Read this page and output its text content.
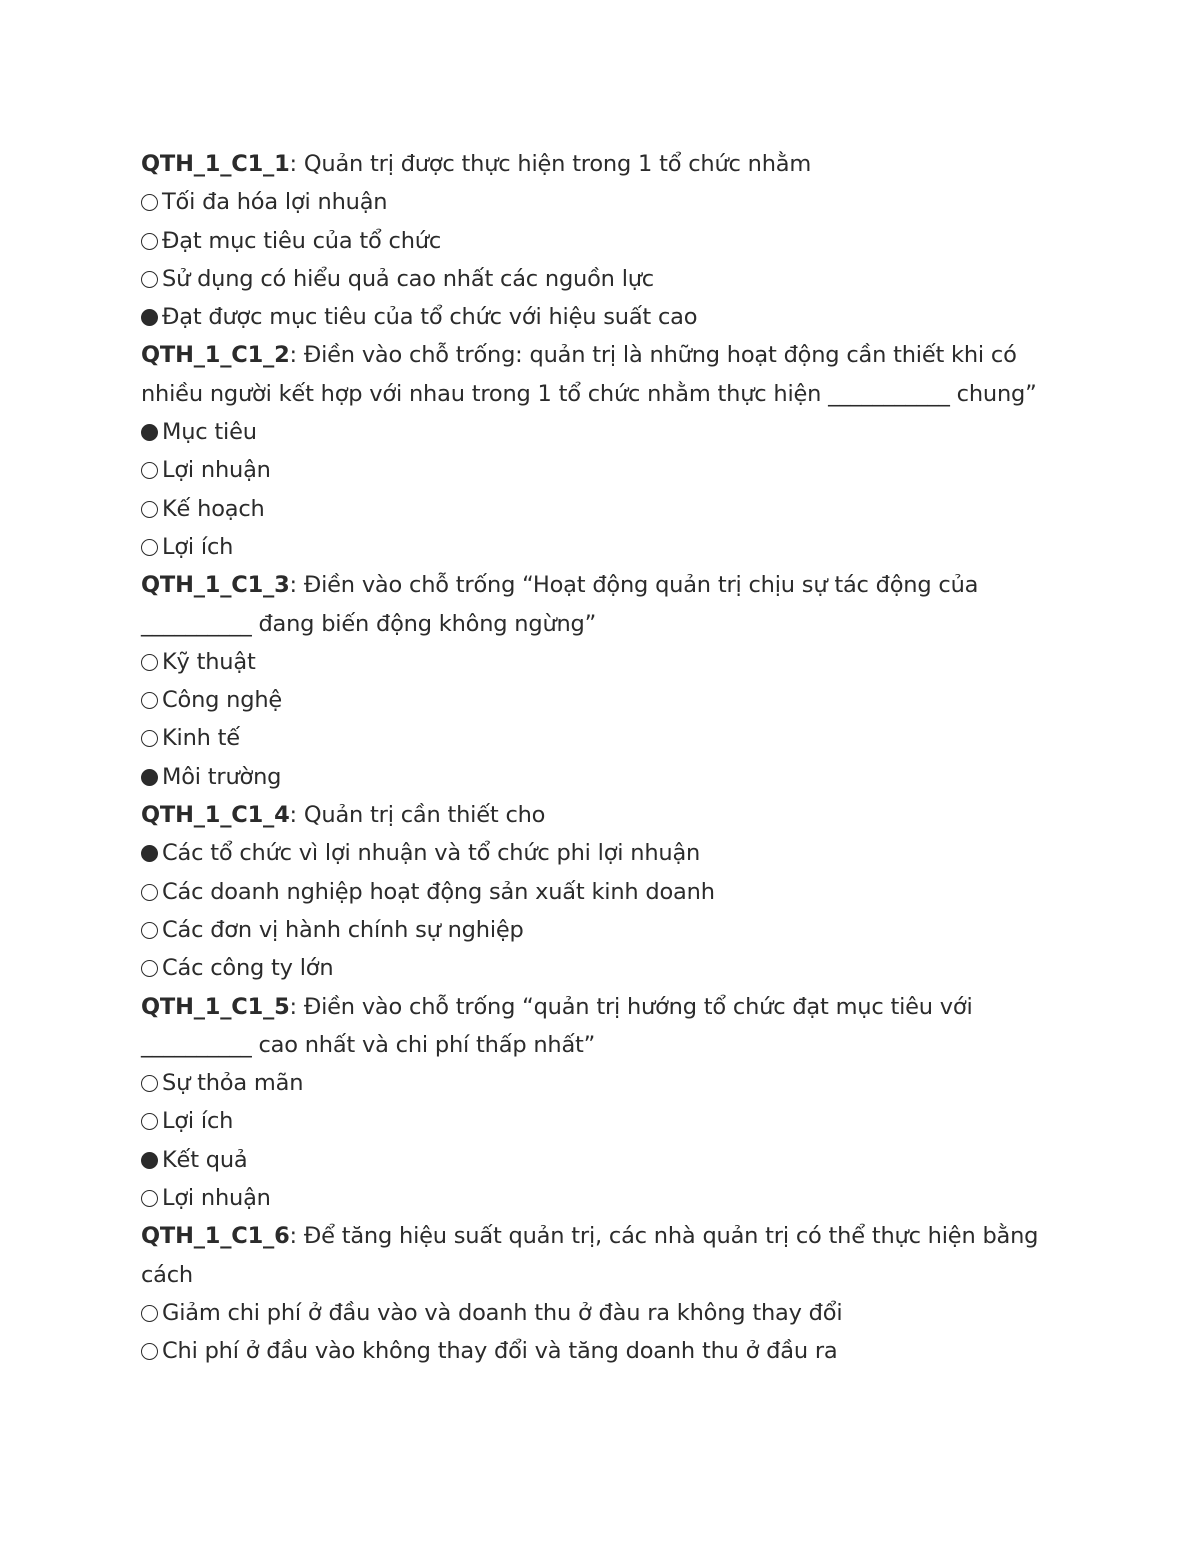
QTH_1_C1_1: Quản trị được thực hiện trong 1 tổ chức nhằm

Tối đa hóa lợi nhuận

Đạt mục tiêu của tổ chức

Sử dụng có hiểu quả cao nhất các nguồn lực

Đạt được mục tiêu của tổ chức với hiệu suất cao

QTH_1_C1_2: Điền vào chỗ trống: quản trị là những hoạt động cần thiết khi có nhiều người kết hợp với nhau trong 1 tổ chức nhằm thực hiện ___________ chung”

Mục tiêu

Lợi nhuận

Kế hoạch

Lợi ích

QTH_1_C1_3: Điền vào chỗ trống “Hoạt động quản trị chịu sự tác động của __________ đang biến động không ngừng”

Kỹ thuật

Công nghệ

Kinh tế

Môi trường

QTH_1_C1_4: Quản trị cần thiết cho

Các tổ chức vì lợi nhuận và tổ chức phi lợi nhuận

Các doanh nghiệp hoạt động sản xuất kinh doanh

Các đơn vị hành chính sự nghiệp

Các công ty lớn

QTH_1_C1_5: Điền vào chỗ trống “quản trị hướng tổ chức đạt mục tiêu với __________ cao nhất và chi phí thấp nhất”

Sự thỏa mãn

Lợi ích

Kết quả

Lợi nhuận

QTH_1_C1_6: Để tăng hiệu suất quản trị, các nhà quản trị có thể thực hiện bằng cách

Giảm chi phí ở đầu vào và doanh thu ở đàu ra không thay đổi

Chi phí ở đầu vào không thay đổi và tăng doanh thu ở đầu ra
